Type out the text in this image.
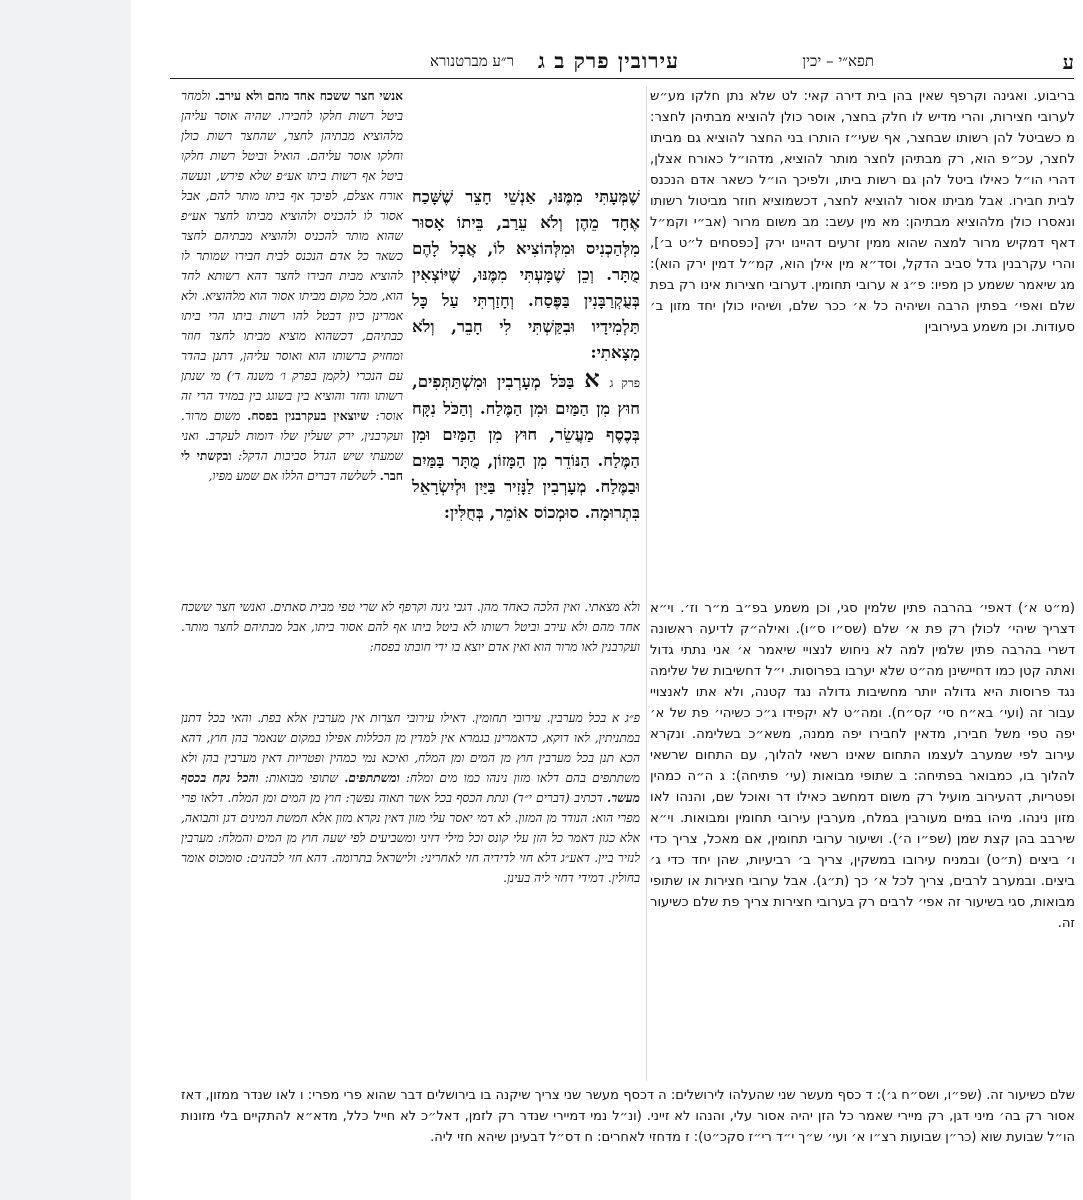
ע
תפא״י – יכין
עירובין פרק ב ג
ר״ע מברטנורא

בריבוע. ואגינה וקרפף שאין בהן בית דירה קאי: לט שלא נתן חלקו מע״ש לערובי חצירות, והרי מדיש לו חלק בחצר, אוסר כולן להוציא מבתיהן לחצר: מ כשביטל להן רשותו שבחצר, אף שעי״ז הותרו בני החצר להוציא גם מביתו לחצר, עכ״פ הוא, רק מבתיהן לחצר מותר להוציא, מדהו״ל כאורח אצלן, דהרי הו״ל כאילו ביטל להן גם רשות ביתו, ולפיכך הו״ל כשאר אדם הנכנס לבית חבירו. אבל מביתו אסור להוציא לחצר, דכשמוציא חוזר מביטול רשותו ונאסרו כולן מלהוציא מבתיהן: מא מין עשב: מב משום מרור (אב״י וקמ״ל דאף דמקיש מרור למצה שהוא ממין זרעים דהיינו ירק [כפסחים ל״ט ב׳], והרי עקרבנין גדל סביב הדקל, וסד״א מין אילן הוא, קמ״ל דמין ירק הוא): מג שיאמר ששמע כן מפיו: פ״ג א ערובי תחומין. דערובי חצירות אינו רק בפת שלם ואפי׳ בפתין הרבה ושיהיה כל א׳ ככר שלם, ושיהיו כולן יחד מזון ב׳ סעודות. וכן משמע בעירובין

שֶׁמְּעָתִּי מִמֶּנּוּ, אַנְשֵׁי חָצֵר שֶׁשָּׁכַח אֶחָד מֵהֶן וְלֹא עֵרַב, בֵּיתוֹ אָסוּר מִלְּהַכְנִיס וּמִלְּהוֹצִיא לוֹ, אֲבָל לָהֶם מֻתָּר. וְכֵן שֶׁמָּעְתִּי מִמֶּנּוּ, שֶׁיּוֹצְאִין בְּעֻקְרַבָּנִין בַּפֶּסַח. וְחָזַרְתִּי עַל כָּל תַּלְמִידָיו וּבִקַּשְׁתִּי לִי חָבֵר, וְלֹא מָצָאתִי:
פרק ג א בַּכֹּל מְעָרְבִין וּמִשְׁתַּתְּפִים, חוּץ מִן הַמַּיִם וּמִן הַמֶּלַח. וְהַכֹּל נִקָּח בְּכֶסֶף מַעֲשֵׂר, חוּץ מִן הַמַּיִם וּמִן הַמֶּלַח. הַנּוֹדֵר מִן הַמָּזוֹן, מֻתָּר בַּמַּיִם וּבַמֶּלַח. מְעָרְבִין לַנָּזִיר בַּיַּיִן וּלְיִשְׂרָאֵל בִּתְרוּמָה. סוּמְכוֹס אוֹמֵר, בְּחֻלִּין:

אנשי חצר ששכח אחד מהם ולא עירב. ולמחר ביטל רשות חלקו לחבירו. שהיה אוסר עליהן מלהוציא מבתיהן לחצר, שהחצר רשות כולן וחלקו אוסר עליהם. הואיל וביטל רשות חלקו ביטל אף רשות ביתו אע״פ שלא פירש, ונעשה אורח אצלם, לפיכך אף ביתו מותר להם, אבל אסור לו להכניס ולהוציא מביתו לחצר אע״פ שהוא מותר להכניס ולהוציא מבתיהם לחצר כשאר כל אדם הנכנס לבית חבירו שמותר לו להוציא מבית חבירו לחצר דהא רשותא לחד הוא, מכל מקום מביתו אסור הוא מלהוציא. ולא אמרינן כיון דבטל להו רשות ביתו הרי ביתו כבתיהם, דכשהוא מוציא מביתו לחצר חוזר ומחזיק ברשותו הוא ואוסר עליהן, דתנן בהדר עם הנכרי (לקמן בפרק ו׳ משנה ד׳) מי שנתן רשותו וחזר והוציא בין בשוגג בין במזיד הרי זה אוסר: שיוצאין בעקרבנין בפסח. משום מרור. ועקרבנין, ירק שעלין שלו דומות לעקרב. ואני שמעתי שיש הגדל סביבות הדקל: ובקשתי לי חבר. לשלשה דברים הללו אם שמע מפיו,

ולא מצאתי. ואין הלכה כאחד מהן. דגבי גינה וקרפף לא שרי טפי מבית סאתים. ואנשי חצר ששכח אחד מהם ולא עירב וביטל רשותו לא ביטל ביתו אף להם אסור ביתו, אבל מבתיהם לחצר מותר. ועקרבנין לאו מרור הוא ואין אדם יוצא בו ידי חובתו בפסח:

(מ״ט א׳) דאפי׳ בהרבה פתין שלמין סגי, וכן משמע בפ״ב מ״ר וז׳. וי״א דצריך שיהי׳ לכולן רק פת א׳ שלם (שס״ו ס״ו). ואילה״ק לדיעה ראשונה דשרי בהרבה פתין שלמין למה לא ניחוש לנצויי שיאמר א׳ אני נתתי גדול ואתה קטן כמו דחיישינן מה״ט שלא יערבו בפרוסות. י״ל דחשיבות של שלימה נגד פרוסות היא גדולה יותר מחשיבות גדולה נגד קטנה, ולא אתו לאנצויי עבור זה (ועי׳ בא״ח סי׳ קס״ח). ומה״ט לא יקפידו ג״כ כשיהי׳ פת של א׳ יפה טפי משל חבירו, מדאין לחבירו יפה ממנה, משא״כ בשלימה. ונקרא עירוב לפי שמערב לעצמו התחום שאינו רשאי להלוך, עם התחום שרשאי להלוך בו, כמבואר בפתיחה: ב שתופי מבואות (עי׳ פתיחה): ג ה״ה כמהין ופטריות, דהעירוב מועיל רק משום דמחשב כאילו דר ואוכל שם, והנהו לאו מזון נינהו. מיהו במים מעורבין במלח, מערבין עירובי תחומין ומבואות. וי״א שירבב בהן קצת שמן (שפ״ו ה׳). ושיעור ערובי תחומין, אם מאכל, צריך כדי ו׳ ביצים (ת״ט) ובמניח עירובו במשקין, צריך ב׳ רביעיות, שהן יחד כדי ג׳ ביצים. ובמערב לרבים, צריך לכל א׳ כך (ת״ג). אבל ערובי חצירות או שתופי מבואות, סגי בשיעור זה אפי׳ לרבים רק בערובי חצירות צריך פת שלם כשיעור זה.

פ״ג א בכל מערבין. עירובי תחומין. דאילו עירובי חצרות אין מערבין אלא בפת. והאי בכל דתנן במתניתין, לאו דוקא, כדאמרינן בגמרא אין למדין מן הכללות אפילו במקום שנאמר בהן חוץ, דהא הכא תנן בכל מערבין חוץ מן המים ומן המלח, ואיכא נמי כמהין ופטריות דאין מערבין בהן ולא משתתפים בהם דלאו מזון נינהו כמו מים ומלח: ומשתתפים. שתופי מבואות: והכל נקח בכסף מעשר. דכתיב (דברים י״ד) ונתת הכסף בכל אשר תאוה נפשך: חוץ מן המים ומן המלח. דלאו פרי מפרי הוא: הנודר מן המזון. לא דמי יאסר עלי מזון דאין נקרא מזון אלא חמשת המינים דגן ותבואה, אלא כגון דאמר כל הזן עלי קונס וכל מילי דזיני ומשביעים לפי שעה חוץ מן המים והמלח: מערבין לנזיר ביין. דאע״ג דלא חזי לדידיה חזי לאחריני: ולישראל בתרומה. דהא חזי לכהנים: סומכוס אומר בחולין. דמידי דחזי ליה בעינן.

שלם כשיעור זה. (שפ״ו, ושס״ח ג׳): ד כסף מעשר שני שהעלהו לירושלים: ה דכסף מעשר שני צריך שיקנה בו בירושלים דבר שהוא פרי מפרי: ו לאו שנדר ממזון, דאז אסור רק בה׳ מיני דגן, רק מיירי שאמר כל הזן יהיה אסור עלי, והנהו לא זייני. (ונ״ל נמי דמיירי שנדר רק לזמן, דאל״כ לא חייל כלל, מדא״א להתקיים בלי מזונות הו״ל שבועת שוא (כר״ן שבועות רצ״ו א׳ ועי׳ ש״ך י״ד רי״ז סקכ״ט): ז מדחזי לאחרים: ח דס״ל דבעינן שיהא חזי ליה.
